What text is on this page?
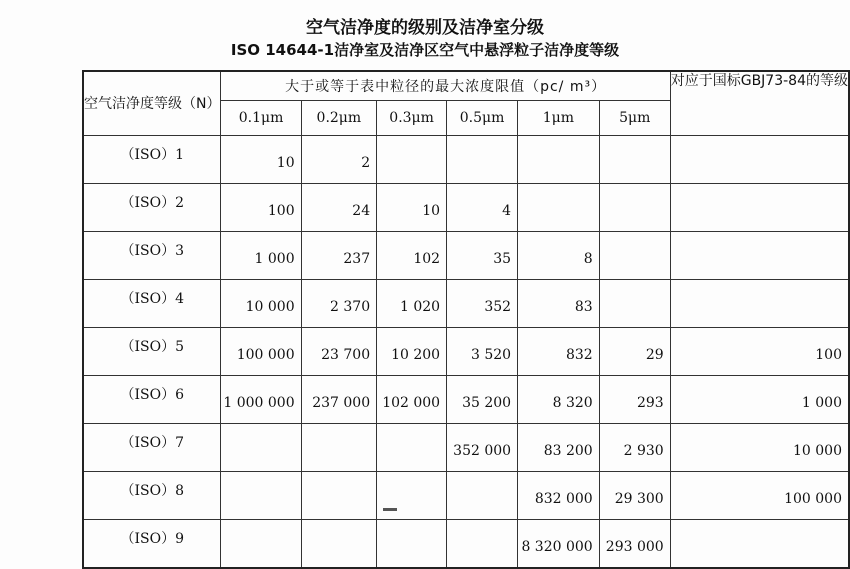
空气洁净度的级别及洁净室分级
ISO 14644-1洁净室及洁净区空气中悬浮粒子洁净度等级
空气洁净度等级（N）	大于或等于表中粒径的最大浓度限值（pc/ m³）						对应于国标GBJ73-84的等级
	0.1μm	0.2μm	0.3μm	0.5μm	1μm	5μm	
（ISO）1	10	2					
（ISO）2	100	24	10	4			
（ISO）3	1 000	237	102	35	8		
（ISO）4	10 000	2 370	1 020	352	83		
（ISO）5	100 000	23 700	10 200	3 520	832	29	100
（ISO）6	1 000 000	237 000	102 000	35 200	8 320	293	1 000
（ISO）7				352 000	83 200	2 930	10 000
（ISO）8					832 000	29 300	100 000
（ISO）9					8 320 000	293 000	
